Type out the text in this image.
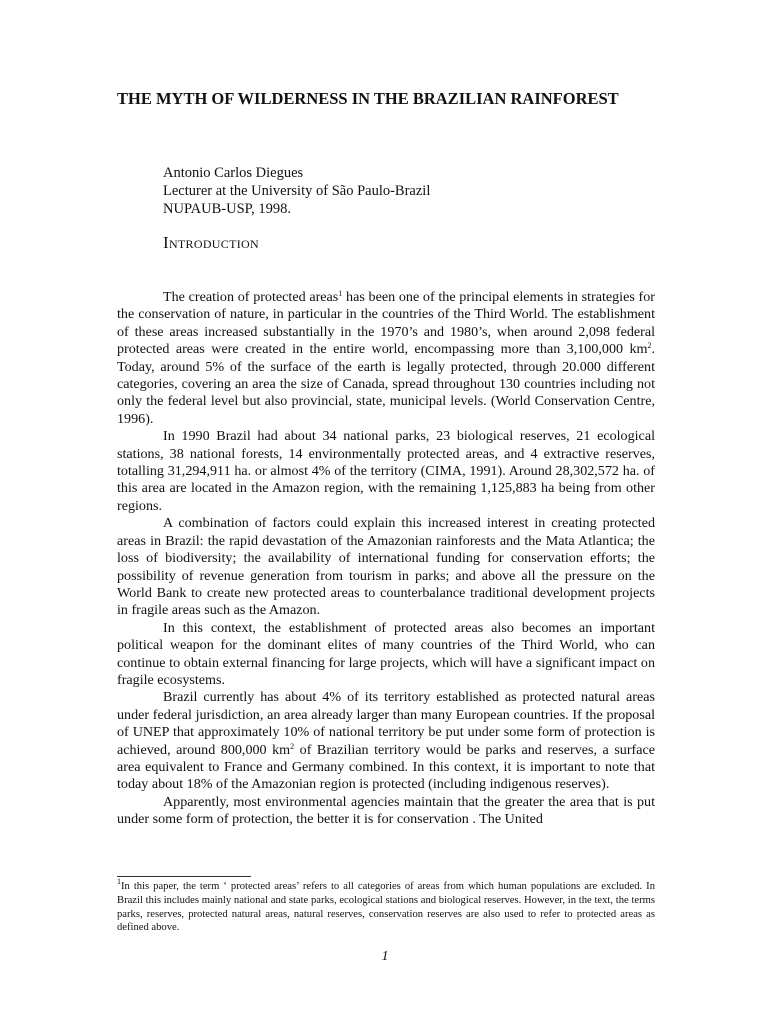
THE MYTH OF WILDERNESS IN THE BRAZILIAN RAINFOREST
Antonio Carlos Diegues
Lecturer at the University of São Paulo-Brazil
NUPAUB-USP, 1998.
Introduction

The creation of protected areas$^1$ has been one of the principal elements in strategies for the conservation of nature, in particular in the countries of the Third World. The establishment of these areas increased substantially in the 1970’s and 1980’s, when around 2,098 federal protected areas were created in the entire world, encompassing more than 3,100,000 $km^2$. Today, around 5% of the surface of the earth is legally protected, through 20.000 different categories, covering an area the size of Canada, spread throughout 130 countries including not only the federal level but also provincial, state, municipal levels. (World Conservation Centre, 1996).

In 1990 Brazil had about 34 national parks, 23 biological reserves, 21 ecological stations, 38 national forests, 14 environmentally protected areas, and 4 extractive reserves, totalling 31,294,911 ha. or almost 4% of the territory (CIMA, 1991). Around 28,302,572 ha. of this area are located in the Amazon region, with the remaining 1,125,883 ha being from other regions.

A combination of factors could explain this increased interest in creating protected areas in Brazil: the rapid devastation of the Amazonian rainforests and the Mata Atlantica; the loss of biodiversity; the availability of international funding for conservation efforts; the possibility of revenue generation from tourism in parks; and above all the pressure on the World Bank to create new protected areas to counterbalance traditional development projects in fragile areas such as the Amazon.

In this context, the establishment of protected areas also becomes an important political weapon for the dominant elites of many countries of the Third World, who can continue to obtain external financing for large projects, which will have a significant impact on fragile ecosystems.

Brazil currently has about 4% of its territory established as protected natural areas under federal jurisdiction, an area already larger than many European countries. If the proposal of UNEP that approximately 10% of national territory be put under some form of protection is achieved, around 800,000 $km^2$ of Brazilian territory would be parks and reserves, a surface area equivalent to France and Germany combined. In this context, it is important to note that today about 18% of the Amazonian region is protected (including indigenous reserves).

Apparently, most environmental agencies maintain that the greater the area that is put under some form of protection, the better it is for conservation . The United

$^1$In this paper, the term ‘ protected areas’ refers to all categories of areas from which human populations are excluded. In Brazil this includes mainly national and state parks, ecological stations and biological reserves. However, in the text, the terms parks, reserves, protected natural areas, natural reserves, conservation reserves are also used to refer to protected areas as defined above.
1
